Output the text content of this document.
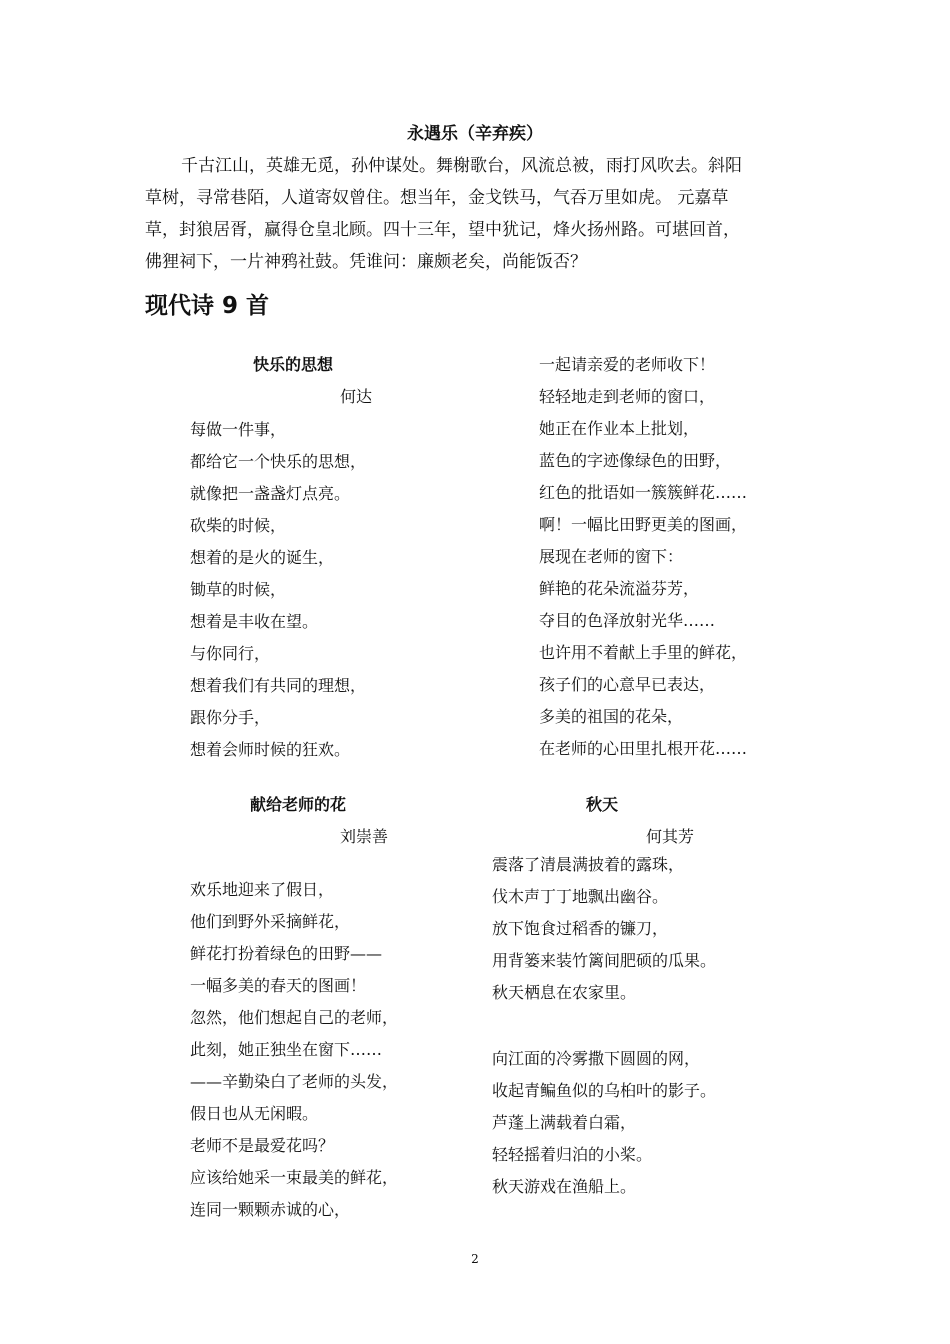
永遇乐（辛弃疾）
千古江山，英雄无觅，孙仲谋处。舞榭歌台，风流总被，雨打风吹去。斜阳
草树，寻常巷陌，人道寄奴曾住。想当年，金戈铁马，气吞万里如虎。 元嘉草
草，封狼居胥，赢得仓皇北顾。四十三年，望中犹记，烽火扬州路。可堪回首，
佛狸祠下，一片神鸦社鼓。凭谁问：廉颇老矣，尚能饭否？
现代诗 9 首
快乐的思想
何达
每做一件事，
都给它一个快乐的思想，
就像把一盏盏灯点亮。
砍柴的时候，
想着的是火的诞生，
锄草的时候，
想着是丰收在望。
与你同行，
想着我们有共同的理想，
跟你分手，
想着会师时候的狂欢。
一起请亲爱的老师收下！
轻轻地走到老师的窗口，
她正在作业本上批划，
蓝色的字迹像绿色的田野，
红色的批语如一簇簇鲜花……
啊！一幅比田野更美的图画，
展现在老师的窗下：
鲜艳的花朵流溢芬芳，
夺目的色泽放射光华……
也许用不着献上手里的鲜花，
孩子们的心意早已表达，
多美的祖国的花朵，
在老师的心田里扎根开花……
献给老师的花
刘崇善
欢乐地迎来了假日，
他们到野外采摘鲜花，
鲜花打扮着绿色的田野——
一幅多美的春天的图画！
忽然，他们想起自己的老师，
此刻，她正独坐在窗下……
——辛勤染白了老师的头发，
假日也从无闲暇。
老师不是最爱花吗？
应该给她采一束最美的鲜花，
连同一颗颗赤诚的心，
秋天
何其芳
震落了清晨满披着的露珠，
伐木声丁丁地飘出幽谷。
放下饱食过稻香的镰刀，
用背篓来装竹篱间肥硕的瓜果。
秋天栖息在农家里。
向江面的冷雾撒下圆圆的网，
收起青鳊鱼似的乌桕叶的影子。
芦蓬上满载着白霜，
轻轻摇着归泊的小桨。
秋天游戏在渔船上。
2
